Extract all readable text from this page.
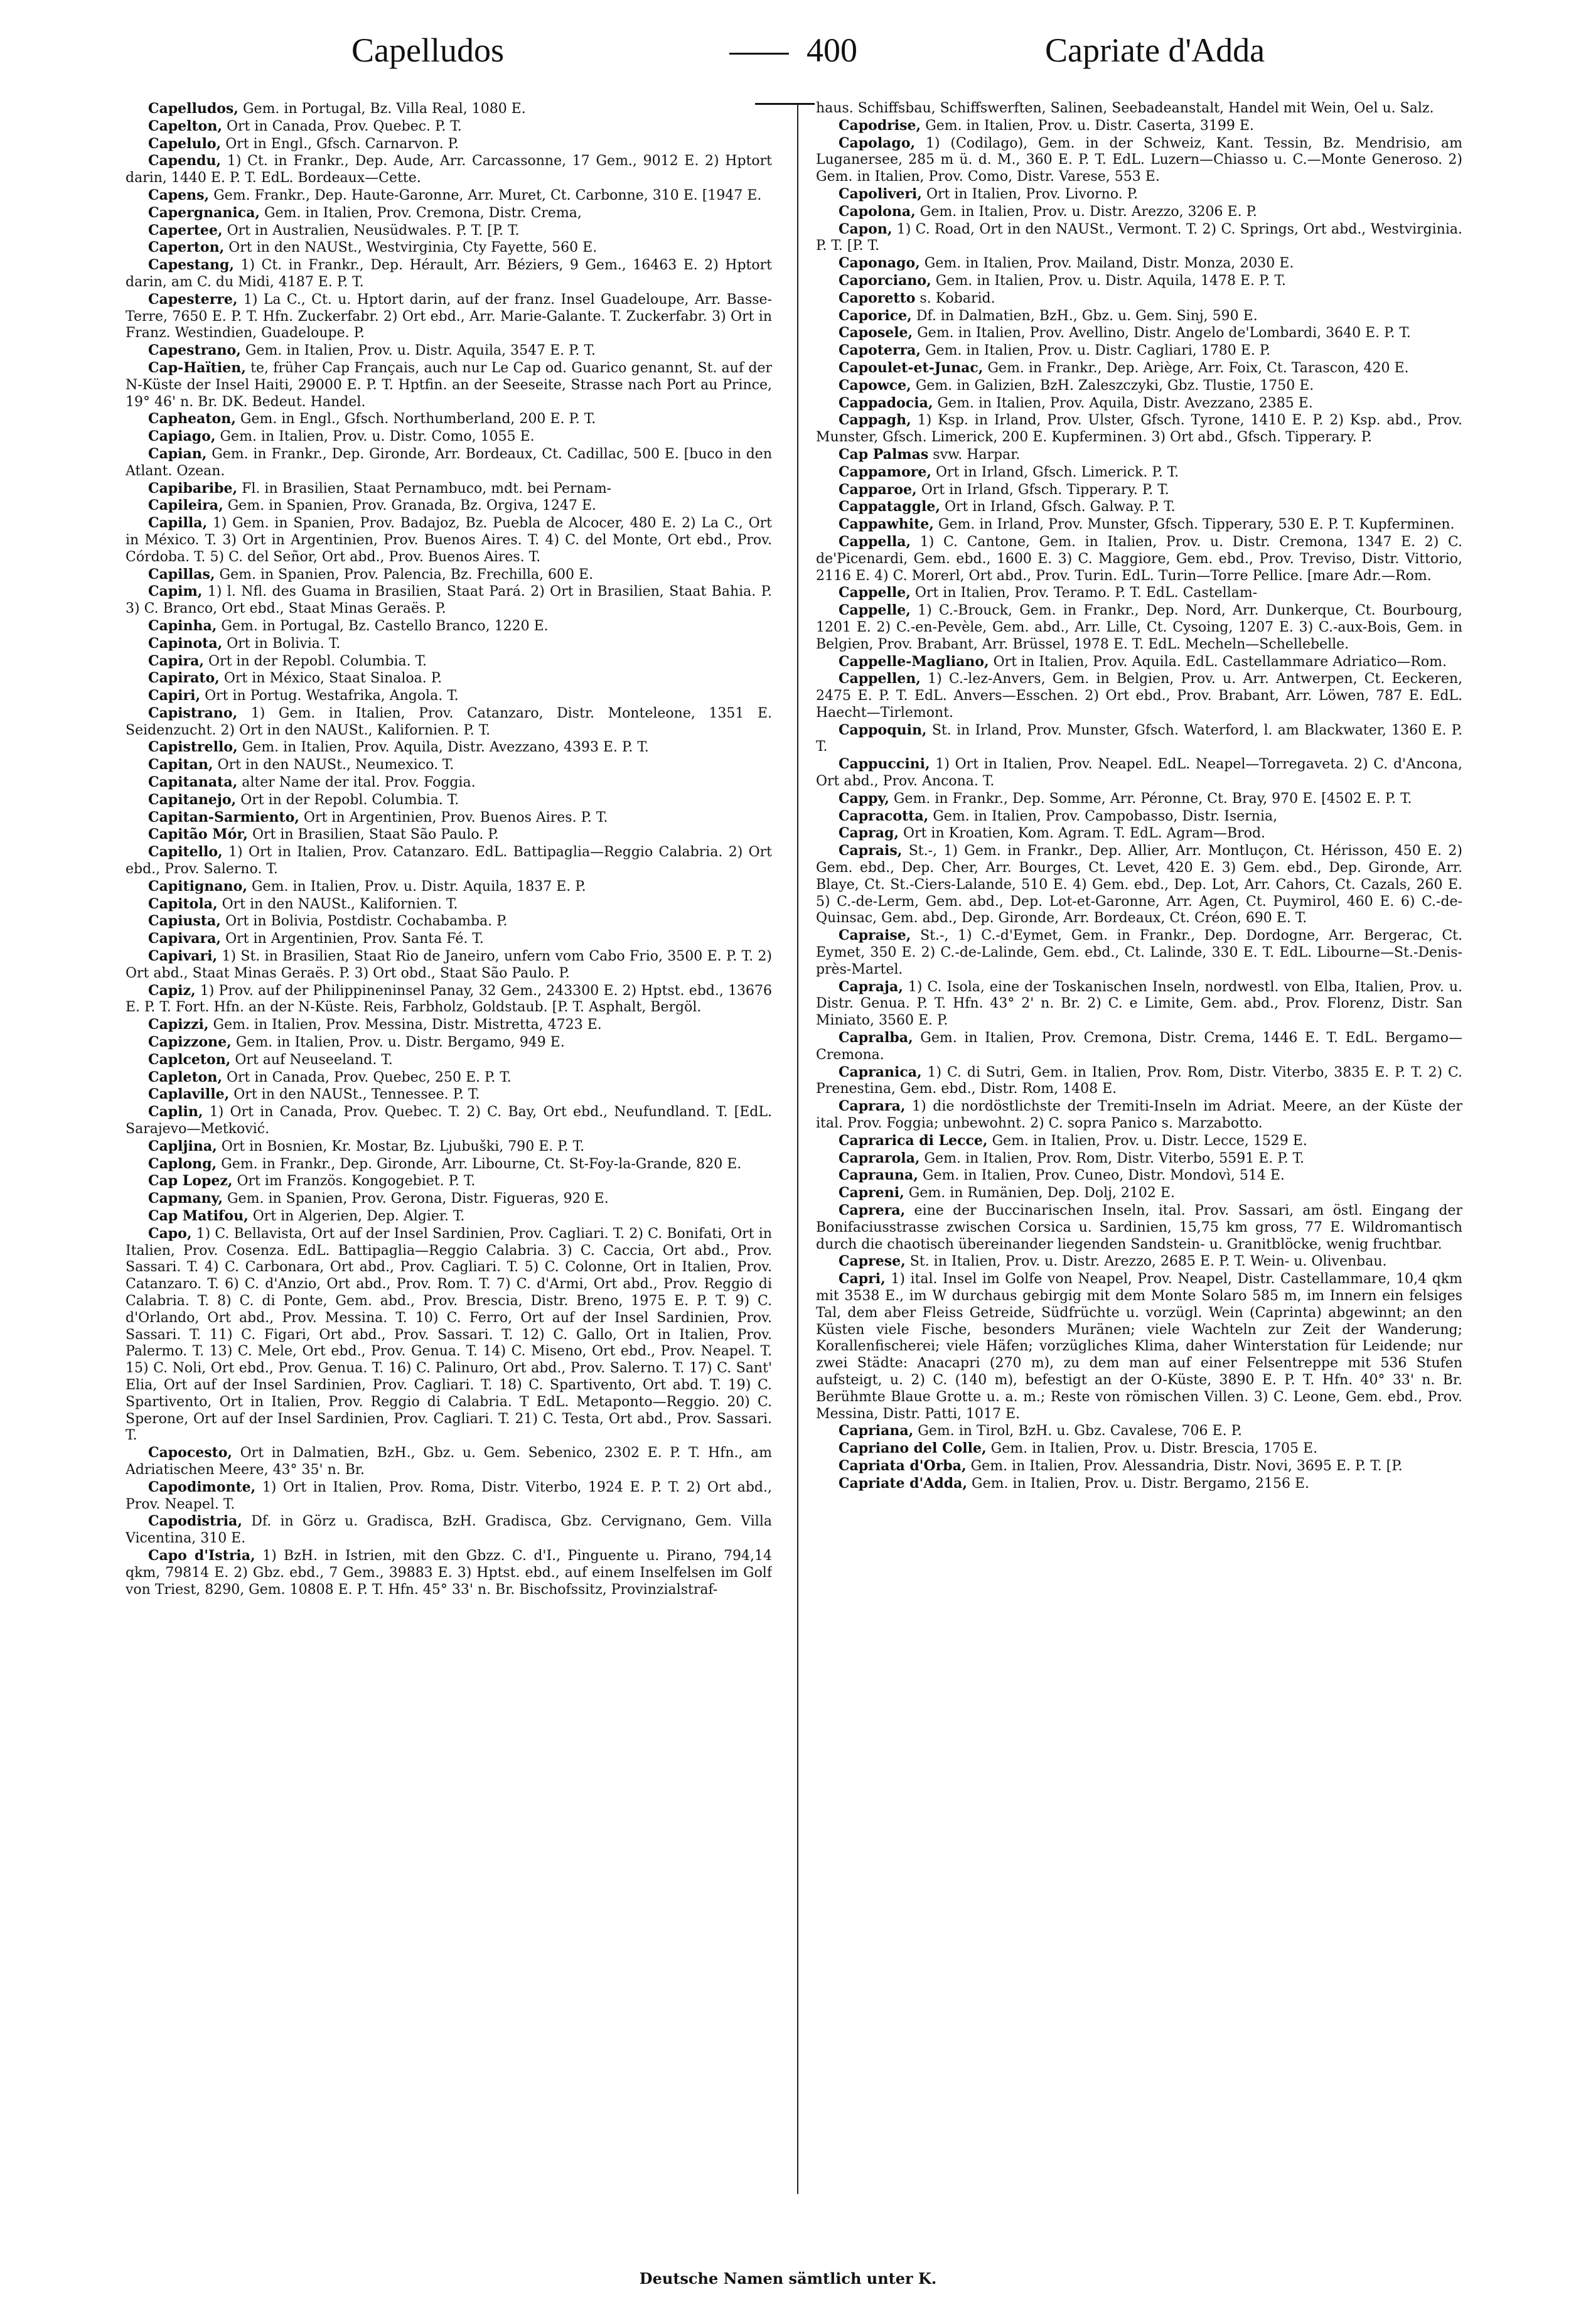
Capelludos	400	Capriate d'Adda

Capelludos, Gem. in Portugal, Bz. Villa Real, 1080 E.

Capelton, Ort in Canada, Prov. Quebec. P. T.

Capelulo, Ort in Engl., Gfsch. Carnarvon. P.

Capendu, 1) Ct. in Frankr., Dep. Aude, Arr. Carcassonne, 17 Gem., 9012 E. 2) Hptort darin, 1440 E. P. T. EdL. Bordeaux—Cette.

Capens, Gem. Frankr., Dep. Haute-Garonne, Arr. Muret, Ct. Carbonne, 310 E. [1947 E.

Capergnanica, Gem. in Italien, Prov. Cremona, Distr. Crema,

Capertee, Ort in Australien, Neusüdwales. P. T. [P. T.

Caperton, Ort in den NAUSt., Westvirginia, Cty Fayette, 560 E.

Capestang, 1) Ct. in Frankr., Dep. Hérault, Arr. Béziers, 9 Gem., 16463 E. 2) Hptort darin, am C. du Midi, 4187 E. P. T.

Capesterre, 1) La C., Ct. u. Hptort darin, auf der franz. Insel Guadeloupe, Arr. Basse-Terre, 7650 E. P. T. Hfn. Zuckerfabr. 2) Ort ebd., Arr. Marie-Galante. T. Zuckerfabr. 3) Ort in Franz. Westindien, Guadeloupe. P.

Capestrano, Gem. in Italien, Prov. u. Distr. Aquila, 3547 E. P. T.

Cap-Haïtien, te, früher Cap Français, auch nur Le Cap od. Guarico genannt, St. auf der N-Küste der Insel Haiti, 29000 E. P. T. Hptfin. an der Seeseite, Strasse nach Port au Prince, 19° 46' n. Br. DK. Bedeut. Handel.

Capheaton, Gem. in Engl., Gfsch. Northumberland, 200 E. P. T.

Capiago, Gem. in Italien, Prov. u. Distr. Como, 1055 E.

Capian, Gem. in Frankr., Dep. Gironde, Arr. Bordeaux, Ct. Cadillac, 500 E. [buco in den Atlant. Ozean.

Capibaribe, Fl. in Brasilien, Staat Pernambuco, mdt. bei Pernam-

Capileira, Gem. in Spanien, Prov. Granada, Bz. Orgiva, 1247 E.

Capilla, 1) Gem. in Spanien, Prov. Badajoz, Bz. Puebla de Alcocer, 480 E. 2) La C., Ort in México. T. 3) Ort in Argentinien, Prov. Buenos Aires. T. 4) C. del Monte, Ort ebd., Prov. Córdoba. T. 5) C. del Señor, Ort abd., Prov. Buenos Aires. T.

Capillas, Gem. in Spanien, Prov. Palencia, Bz. Frechilla, 600 E.

Capim, 1) l. Nfl. des Guama in Brasilien, Staat Pará. 2) Ort in Brasilien, Staat Bahia. P. 3) C. Branco, Ort ebd., Staat Minas Geraës. P.

Capinha, Gem. in Portugal, Bz. Castello Branco, 1220 E.

Capinota, Ort in Bolivia. T.

Capira, Ort in der Repobl. Columbia. T.

Capirato, Ort in México, Staat Sinaloa. P.

Capiri, Ort in Portug. Westafrika, Angola. T.

Capistrano, 1) Gem. in Italien, Prov. Catanzaro, Distr. Monteleone, 1351 E. Seidenzucht. 2) Ort in den NAUSt., Kalifornien. P. T.

Capistrello, Gem. in Italien, Prov. Aquila, Distr. Avezzano, 4393 E. P. T.

Capitan, Ort in den NAUSt., Neumexico. T.

Capitanata, alter Name der ital. Prov. Foggia.

Capitanejo, Ort in der Repobl. Columbia. T.

Capitan-Sarmiento, Ort in Argentinien, Prov. Buenos Aires. P. T.

Capitão Mór, Ort in Brasilien, Staat São Paulo. P.

Capitello, 1) Ort in Italien, Prov. Catanzaro. EdL. Battipaglia—Reggio Calabria. 2) Ort ebd., Prov. Salerno. T.

Capitignano, Gem. in Italien, Prov. u. Distr. Aquila, 1837 E. P.

Capitola, Ort in den NAUSt., Kalifornien. T.

Capiusta, Ort in Bolivia, Postdistr. Cochabamba. P.

Capivara, Ort in Argentinien, Prov. Santa Fé. T.

Capivari, 1) St. in Brasilien, Staat Rio de Janeiro, unfern vom Cabo Frio, 3500 E. P. T. 2) Ort abd., Staat Minas Geraës. P. 3) Ort obd., Staat São Paulo. P.

Capiz, 1) Prov. auf der Philippineninsel Panay, 32 Gem., 243300 E. 2) Hptst. ebd., 13676 E. P. T. Fort. Hfn. an der N-Küste. Reis, Farbholz, Goldstaub. [P. T. Asphalt, Bergöl.

Capizzi, Gem. in Italien, Prov. Messina, Distr. Mistretta, 4723 E.

Capizzone, Gem. in Italien, Prov. u. Distr. Bergamo, 949 E.

Caplceton, Ort auf Neuseeland. T.

Capleton, Ort in Canada, Prov. Quebec, 250 E. P. T.

Caplaville, Ort in den NAUSt., Tennessee. P. T.

Caplin, 1) Ort in Canada, Prov. Quebec. T. 2) C. Bay, Ort ebd., Neufundland. T. [EdL. Sarajevo—Metković.

Capljina, Ort in Bosnien, Kr. Mostar, Bz. Ljubuški, 790 E. P. T.

Caplong, Gem. in Frankr., Dep. Gironde, Arr. Libourne, Ct. St-Foy-la-Grande, 820 E.

Cap Lopez, Ort im Französ. Kongogebiet. P. T.

Capmany, Gem. in Spanien, Prov. Gerona, Distr. Figueras, 920 E.

Cap Matifou, Ort in Algerien, Dep. Algier. T.

Capo, 1) C. Bellavista, Ort auf der Insel Sardinien, Prov. Cagliari. T. 2) C. Bonifati, Ort in Italien, Prov. Cosenza. EdL. Battipaglia—Reggio Calabria. 3) C. Caccia, Ort abd., Prov. Sassari. T. 4) C. Carbonara, Ort abd., Prov. Cagliari. T. 5) C. Colonne, Ort in Italien, Prov. Catanzaro. T. 6) C. d'Anzio, Ort abd., Prov. Rom. T. 7) C. d'Armi, Ort abd., Prov. Reggio di Calabria. T. 8) C. di Ponte, Gem. abd., Prov. Brescia, Distr. Breno, 1975 E. P. T. 9) C. d'Orlando, Ort abd., Prov. Messina. T. 10) C. Ferro, Ort auf der Insel Sardinien, Prov. Sassari. T. 11) C. Figari, Ort abd., Prov. Sassari. T. 12) C. Gallo, Ort in Italien, Prov. Palermo. T. 13) C. Mele, Ort ebd., Prov. Genua. T. 14) C. Miseno, Ort ebd., Prov. Neapel. T. 15) C. Noli, Ort ebd., Prov. Genua. T. 16) C. Palinuro, Ort abd., Prov. Salerno. T. 17) C. Sant' Elia, Ort auf der Insel Sardinien, Prov. Cagliari. T. 18) C. Spartivento, Ort abd. T. 19) C. Spartivento, Ort in Italien, Prov. Reggio di Calabria. T EdL. Metaponto—Reggio. 20) C. Sperone, Ort auf der Insel Sardinien, Prov. Cagliari. T. 21) C. Testa, Ort abd., Prov. Sassari. T.

Capocesto, Ort in Dalmatien, BzH., Gbz. u. Gem. Sebenico, 2302 E. P. T. Hfn., am Adriatischen Meere, 43° 35' n. Br.

Capodimonte, 1) Ort in Italien, Prov. Roma, Distr. Viterbo, 1924 E. P. T. 2) Ort abd., Prov. Neapel. T.

Capodistria, Df. in Görz u. Gradisca, BzH. Gradisca, Gbz. Cervignano, Gem. Villa Vicentina, 310 E.

Capo d'Istria, 1) BzH. in Istrien, mit den Gbzz. C. d'I., Pinguente u. Pirano, 794,14 qkm, 79814 E. 2) Gbz. ebd., 7 Gem., 39883 E. 3) Hptst. ebd., auf einem Inselfelsen im Golf von Triest, 8290, Gem. 10808 E. P. T. Hfn. 45° 33' n. Br. Bischofssitz, Provinzialstraf-

haus. Schiffsbau, Schiffswerften, Salinen, Seebadeanstalt, Handel mit Wein, Oel u. Salz.

Capodrise, Gem. in Italien, Prov. u. Distr. Caserta, 3199 E.

Capolago, 1) (Codilago), Gem. in der Schweiz, Kant. Tessin, Bz. Mendrisio, am Luganersee, 285 m ü. d. M., 360 E. P. T. EdL. Luzern—Chiasso u. C.—Monte Generoso. 2) Gem. in Italien, Prov. Como, Distr. Varese, 553 E.

Capoliveri, Ort in Italien, Prov. Livorno. P.

Capolona, Gem. in Italien, Prov. u. Distr. Arezzo, 3206 E. P.

Capon, 1) C. Road, Ort in den NAUSt., Vermont. T. 2) C. Springs, Ort abd., Westvirginia. P. T. [P. T.

Caponago, Gem. in Italien, Prov. Mailand, Distr. Monza, 2030 E.

Caporciano, Gem. in Italien, Prov. u. Distr. Aquila, 1478 E. P. T.

Caporetto s. Kobarid.

Caporice, Df. in Dalmatien, BzH., Gbz. u. Gem. Sinj, 590 E.

Caposele, Gem. in Italien, Prov. Avellino, Distr. Angelo de'Lombardi, 3640 E. P. T.

Capoterra, Gem. in Italien, Prov. u. Distr. Cagliari, 1780 E. P.

Capoulet-et-Junac, Gem. in Frankr., Dep. Ariège, Arr. Foix, Ct. Tarascon, 420 E.

Capowce, Gem. in Galizien, BzH. Zaleszczyki, Gbz. Tlustie, 1750 E.

Cappadocia, Gem. in Italien, Prov. Aquila, Distr. Avezzano, 2385 E.

Cappagh, 1) Ksp. in Irland, Prov. Ulster, Gfsch. Tyrone, 1410 E. P. 2) Ksp. abd., Prov. Munster, Gfsch. Limerick, 200 E. Kupferminen. 3) Ort abd., Gfsch. Tipperary. P.

Cap Palmas svw. Harpar.

Cappamore, Ort in Irland, Gfsch. Limerick. P. T.

Capparoe, Ort in Irland, Gfsch. Tipperary. P. T.

Cappataggle, Ort in Irland, Gfsch. Galway. P. T.

Cappawhite, Gem. in Irland, Prov. Munster, Gfsch. Tipperary, 530 E. P. T. Kupferminen.

Cappella, 1) C. Cantone, Gem. in Italien, Prov. u. Distr. Cremona, 1347 E. 2) C. de'Picenardi, Gem. ebd., 1600 E. 3) C. Maggiore, Gem. ebd., Prov. Treviso, Distr. Vittorio, 2116 E. 4) C. Morerl, Ort abd., Prov. Turin. EdL. Turin—Torre Pellice. [mare Adr.—Rom.

Cappelle, Ort in Italien, Prov. Teramo. P. T. EdL. Castellam-

Cappelle, 1) C.-Brouck, Gem. in Frankr., Dep. Nord, Arr. Dunkerque, Ct. Bourbourg, 1201 E. 2) C.-en-Pevèle, Gem. abd., Arr. Lille, Ct. Cysoing, 1207 E. 3) C.-aux-Bois, Gem. in Belgien, Prov. Brabant, Arr. Brüssel, 1978 E. T. EdL. Mecheln—Schellebelle.

Cappelle-Magliano, Ort in Italien, Prov. Aquila. EdL. Castellammare Adriatico—Rom.

Cappellen, 1) C.-lez-Anvers, Gem. in Belgien, Prov. u. Arr. Antwerpen, Ct. Eeckeren, 2475 E. P. T. EdL. Anvers—Esschen. 2) Ort ebd., Prov. Brabant, Arr. Löwen, 787 E. EdL. Haecht—Tirlemont.

Cappoquin, St. in Irland, Prov. Munster, Gfsch. Waterford, l. am Blackwater, 1360 E. P. T.

Cappuccini, 1) Ort in Italien, Prov. Neapel. EdL. Neapel—Torregaveta. 2) C. d'Ancona, Ort abd., Prov. Ancona. T.

Cappy, Gem. in Frankr., Dep. Somme, Arr. Péronne, Ct. Bray, 970 E. [4502 E. P. T.

Capracotta, Gem. in Italien, Prov. Campobasso, Distr. Isernia,

Caprag, Ort in Kroatien, Kom. Agram. T. EdL. Agram—Brod.

Caprais, St.-, 1) Gem. in Frankr., Dep. Allier, Arr. Montluçon, Ct. Hérisson, 450 E. 2) Gem. ebd., Dep. Cher, Arr. Bourges, Ct. Levet, 420 E. 3) Gem. ebd., Dep. Gironde, Arr. Blaye, Ct. St.-Ciers-Lalande, 510 E. 4) Gem. ebd., Dep. Lot, Arr. Cahors, Ct. Cazals, 260 E. 5) C.-de-Lerm, Gem. abd., Dep. Lot-et-Garonne, Arr. Agen, Ct. Puymirol, 460 E. 6) C.-de-Quinsac, Gem. abd., Dep. Gironde, Arr. Bordeaux, Ct. Créon, 690 E. T.

Capraise, St.-, 1) C.-d'Eymet, Gem. in Frankr., Dep. Dordogne, Arr. Bergerac, Ct. Eymet, 350 E. 2) C.-de-Lalinde, Gem. ebd., Ct. Lalinde, 330 E. T. EdL. Libourne—St.-Denis-près-Martel.

Capraja, 1) C. Isola, eine der Toskanischen Inseln, nordwestl. von Elba, Italien, Prov. u. Distr. Genua. P. T. Hfn. 43° 2' n. Br. 2) C. e Limite, Gem. abd., Prov. Florenz, Distr. San Miniato, 3560 E. P.

Capralba, Gem. in Italien, Prov. Cremona, Distr. Crema, 1446 E. T. EdL. Bergamo—Cremona.

Capranica, 1) C. di Sutri, Gem. in Italien, Prov. Rom, Distr. Viterbo, 3835 E. P. T. 2) C. Prenestina, Gem. ebd., Distr. Rom, 1408 E.

Caprara, 1) die nordöstlichste der Tremiti-Inseln im Adriat. Meere, an der Küste der ital. Prov. Foggia; unbewohnt. 2) C. sopra Panico s. Marzabotto.

Caprarica di Lecce, Gem. in Italien, Prov. u. Distr. Lecce, 1529 E.

Caprarola, Gem. in Italien, Prov. Rom, Distr. Viterbo, 5591 E. P. T.

Caprauna, Gem. in Italien, Prov. Cuneo, Distr. Mondovì, 514 E.

Capreni, Gem. in Rumänien, Dep. Dolj, 2102 E.

Caprera, eine der Buccinarischen Inseln, ital. Prov. Sassari, am östl. Eingang der Bonifaciusstrasse zwischen Corsica u. Sardinien, 15,75 km gross, 77 E. Wildromantisch durch die chaotisch übereinander liegenden Sandstein- u. Granitblöcke, wenig fruchtbar.

Caprese, St. in Italien, Prov. u. Distr. Arezzo, 2685 E. P. T. Wein- u. Olivenbau.

Capri, 1) ital. Insel im Golfe von Neapel, Prov. Neapel, Distr. Castellammare, 10,4 qkm mit 3538 E., im W durchaus gebirgig mit dem Monte Solaro 585 m, im Innern ein felsiges Tal, dem aber Fleiss Getreide, Südfrüchte u. vorzügl. Wein (Caprinta) abgewinnt; an den Küsten viele Fische, besonders Muränen; viele Wachteln zur Zeit der Wanderung; Korallenfischerei; viele Häfen; vorzügliches Klima, daher Winterstation für Leidende; nur zwei Städte: Anacapri (270 m), zu dem man auf einer Felsentreppe mit 536 Stufen aufsteigt, u. 2) C. (140 m), befestigt an der O-Küste, 3890 E. P. T. Hfn. 40° 33' n. Br. Berühmte Blaue Grotte u. a. m.; Reste von römischen Villen. 3) C. Leone, Gem. ebd., Prov. Messina, Distr. Patti, 1017 E.

Capriana, Gem. in Tirol, BzH. u. Gbz. Cavalese, 706 E. P.

Capriano del Colle, Gem. in Italien, Prov. u. Distr. Brescia, 1705 E.

Capriata d'Orba, Gem. in Italien, Prov. Alessandria, Distr. Novi, 3695 E. P. T. [P.

Capriate d'Adda, Gem. in Italien, Prov. u. Distr. Bergamo, 2156 E.

Deutsche Namen sämtlich unter K.
